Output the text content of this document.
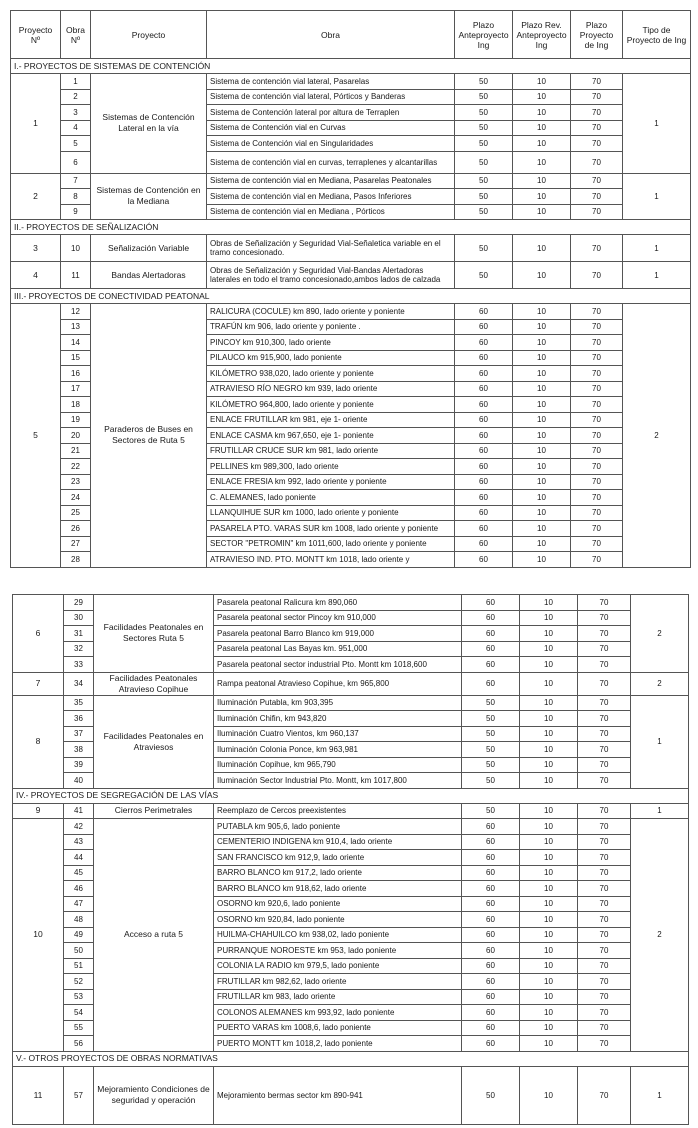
Proyecto Nº	Obra Nº	Proyecto	Obra	Plazo Anteproyecto Ing	Plazo Rev. Anteproyecto Ing	Plazo Proyecto de Ing	Tipo de Proyecto de Ing
I.- PROYECTOS DE SISTEMAS DE CONTENCIÓN							
1	1	Sistemas de Contención Lateral en la vía	Sistema de contención vial lateral, Pasarelas	50	10	70	1
	2		Sistema de contención vial lateral, Pórticos y Banderas	50	10	70	
	3		Sistema de Contención lateral por altura de Terraplen	50	10	70	
	4		Sistema de Contención vial en Curvas	50	10	70	
	5		Sistema de Contención vial en Singularidades	50	10	70	
	6		Sistema de contención vial en curvas, terraplenes y alcantarillas	50	10	70	
2	7	Sistemas de Contención en la Mediana	Sistema de contención vial en Mediana, Pasarelas Peatonales	50	10	70	1
	8		Sistema de contención vial en Mediana, Pasos Inferiores	50	10	70	
	9		Sistema de contención vial en Mediana , Pórticos	50	10	70	
II.- PROYECTOS DE SEÑALIZACIÓN							
3	10	Señalización Variable	Obras de Señalización y Seguridad Vial-Señaletica variable en el tramo concesionado.	50	10	70	1
4	11	Bandas Alertadoras	Obras de Señalización y Seguridad Vial-Bandas Alertadoras laterales en todo el tramo concesionado,ambos lados de calzada	50	10	70	1
III.- PROYECTOS DE CONECTIVIDAD PEATONAL							
5	12	Paraderos de Buses en Sectores de Ruta 5	RALICURA (COCULE) km 890, lado oriente y poniente	60	10	70	2
	13		TRAFÚN km 906, lado oriente y poniente .	60	10	70	
	14		PINCOY km 910,300, lado oriente	60	10	70	
	15		PILAUCO km 915,900, lado poniente	60	10	70	
	16		KILÓMETRO 938,020, lado oriente y poniente	60	10	70	
	17		ATRAVIESO RÍO NEGRO km 939, lado oriente	60	10	70	
	18		KILÓMETRO 964,800, lado oriente y poniente	60	10	70	
	19		ENLACE FRUTILLAR km 981, eje 1- oriente	60	10	70	
	20		ENLACE CASMA km 967,650, eje 1- poniente	60	10	70	
	21		FRUTILLAR CRUCE SUR km 981, lado oriente	60	10	70	
	22		PELLINES km 989,300, lado oriente	60	10	70	
	23		ENLACE FRESIA km 992, lado oriente y poniente	60	10	70	
	24		C. ALEMANES, lado poniente	60	10	70	
	25		LLANQUIHUE SUR km 1000, lado oriente y poniente	60	10	70	
	26		PASARELA PTO. VARAS SUR km 1008, lado oriente y poniente	60	10	70	
	27		SECTOR "PETROMIN" km 1011,600, lado oriente y poniente	60	10	70	
	28		ATRAVIESO IND. PTO. MONTT km 1018, lado oriente y	60	10	70	
6	29	Facilidades Peatonales en Sectores Ruta 5	Pasarela peatonal Ralicura km 890,060	60	10	70	2
	30		Pasarela peatonal sector Pincoy km 910,000	60	10	70	
	31		Pasarela peatonal Barro Blanco km 919,000	60	10	70	
	32		Pasarela peatonal Las Bayas km. 951,000	60	10	70	
	33		Pasarela peatonal sector industrial Pto. Montt km 1018,600	60	10	70	
7	34	Facilidades Peatonales Atravieso Copihue	Rampa peatonal Atravieso Copihue, km 965,800	60	10	70	2
8	35	Facilidades Peatonales en Atraviesos	Iluminación Putabla, km 903,395	50	10	70	1
	36		Iluminación Chifin, km 943,820	50	10	70	
	37		Iluminación Cuatro Vientos, km 960,137	50	10	70	
	38		Iluminación Colonia Ponce, km 963,981	50	10	70	
	39		Iluminación Copihue, km 965,790	50	10	70	
	40		Iluminación Sector Industrial Pto. Montt, km 1017,800	50	10	70	
IV.- PROYECTOS DE SEGREGACIÓN DE LAS VÍAS							
9	41	Cierros Perimetrales	Reemplazo de Cercos preexistentes	50	10	70	1
10	42	Acceso a ruta 5	PUTABLA km 905,6, lado poniente	60	10	70	2
	43		CEMENTERIO INDIGENA km 910,4, lado oriente	60	10	70	
	44		SAN FRANCISCO km 912,9, lado oriente	60	10	70	
	45		BARRO BLANCO km 917,2, lado oriente	60	10	70	
	46		BARRO BLANCO km 918,62, lado oriente	60	10	70	
	47		OSORNO km 920,6, lado poniente	60	10	70	
	48		OSORNO km 920,84, lado poniente	60	10	70	
	49		HUILMA-CHAHUILCO km 938,02, lado poniente	60	10	70	
	50		PURRANQUE NOROESTE km 953, lado poniente	60	10	70	
	51		COLONIA LA RADIO km 979,5, lado poniente	60	10	70	
	52		FRUTILLAR km 982,62, lado oriente	60	10	70	
	53		FRUTILLAR km 983, lado oriente	60	10	70	
	54		COLONOS ALEMANES km 993,92, lado poniente	60	10	70	
	55		PUERTO VARAS km 1008,6, lado poniente	60	10	70	
	56		PUERTO MONTT km 1018,2, lado poniente	60	10	70	
V.- OTROS PROYECTOS DE OBRAS NORMATIVAS							
11	57	Mejoramiento Condiciones de seguridad y operación	Mejoramiento bermas sector km 890-941	50	10	70	1
